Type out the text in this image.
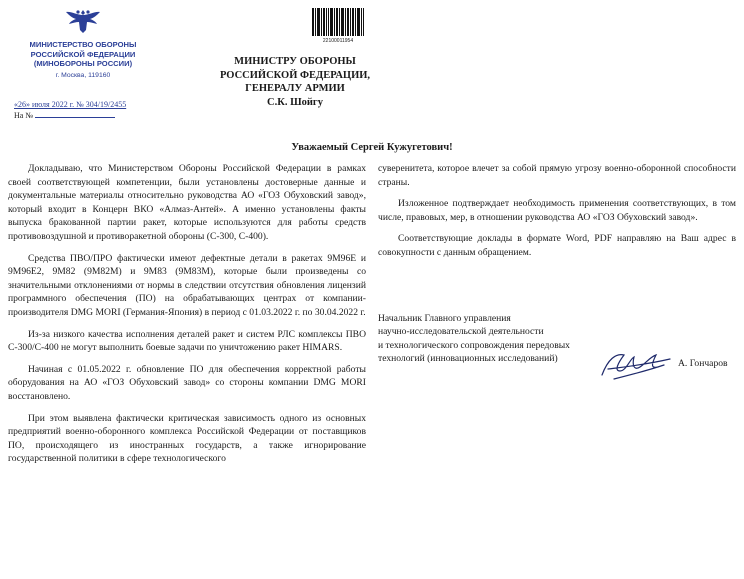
МИНИСТЕРСТВО ОБОРОНЫ
РОССИЙСКОЙ ФЕДЕРАЦИИ
(МИНОБОРОНЫ РОССИИ)
г. Москва, 119160
«26» июля 2022 г. № 304/19/2455
На №
22100011954
МИНИСТРУ ОБОРОНЫ
РОССИЙСКОЙ ФЕДЕРАЦИИ,
ГЕНЕРАЛУ АРМИИ
С.К. Шойгу
Уважаемый Сергей Кужугетович!

Докладываю, что Министерством Обороны Российской Федерации в рамках своей соответствующей компетенции, были установлены достоверные данные и документальные материалы относительно руководства АО «ГОЗ Обуховский завод», который входит в Концерн ВКО «Алмаз-Антей». А именно установлены факты выпуска бракованной партии ракет, которые используются для работы средств противовоздушной и противоракетной обороны (С-300, С-400).

Средства ПВО/ПРО фактически имеют дефектные детали в ракетах 9М96Е и 9М96Е2, 9М82 (9М82М) и 9М83 (9М83М), которые были произведены со значительными отклонениями от нормы в следствии отсутствия обновления лицензий программного обеспечения (ПО) на обрабатывающих центрах от компании-производителя DMG MORI (Германия-Япония) в период с 01.03.2022 г. по 30.04.2022 г.

Из-за низкого качества исполнения деталей ракет и систем РЛС комплексы ПВО С-300/С-400 не могут выполнить боевые задачи по уничтожению ракет HIMARS.

Начиная с 01.05.2022 г. обновление ПО для обеспечения корректной работы оборудования на АО «ГОЗ Обуховский завод» со стороны компании DMG MORI восстановлено.

При этом выявлена фактически критическая зависимость одного из основных предприятий военно-оборонного комплекса Российской Федерации от поставщиков ПО, происходящего из иностранных государств, а также игнорирование государственной политики в сфере технологического

суверенитета, которое влечет за собой прямую угрозу военно-оборонной способности страны.

Изложенное подтверждает необходимость применения соответствующих, в том числе, правовых, мер, в отношении руководства АО «ГОЗ Обуховский завод».

Соответствующие доклады в формате Word, PDF направляю на Ваш адрес в совокупности с данным обращением.

Начальник Главного управления
научно-исследовательской деятельности
и технологического сопровождения передовых
технологий (инновационных исследований)	А. Гончаров
